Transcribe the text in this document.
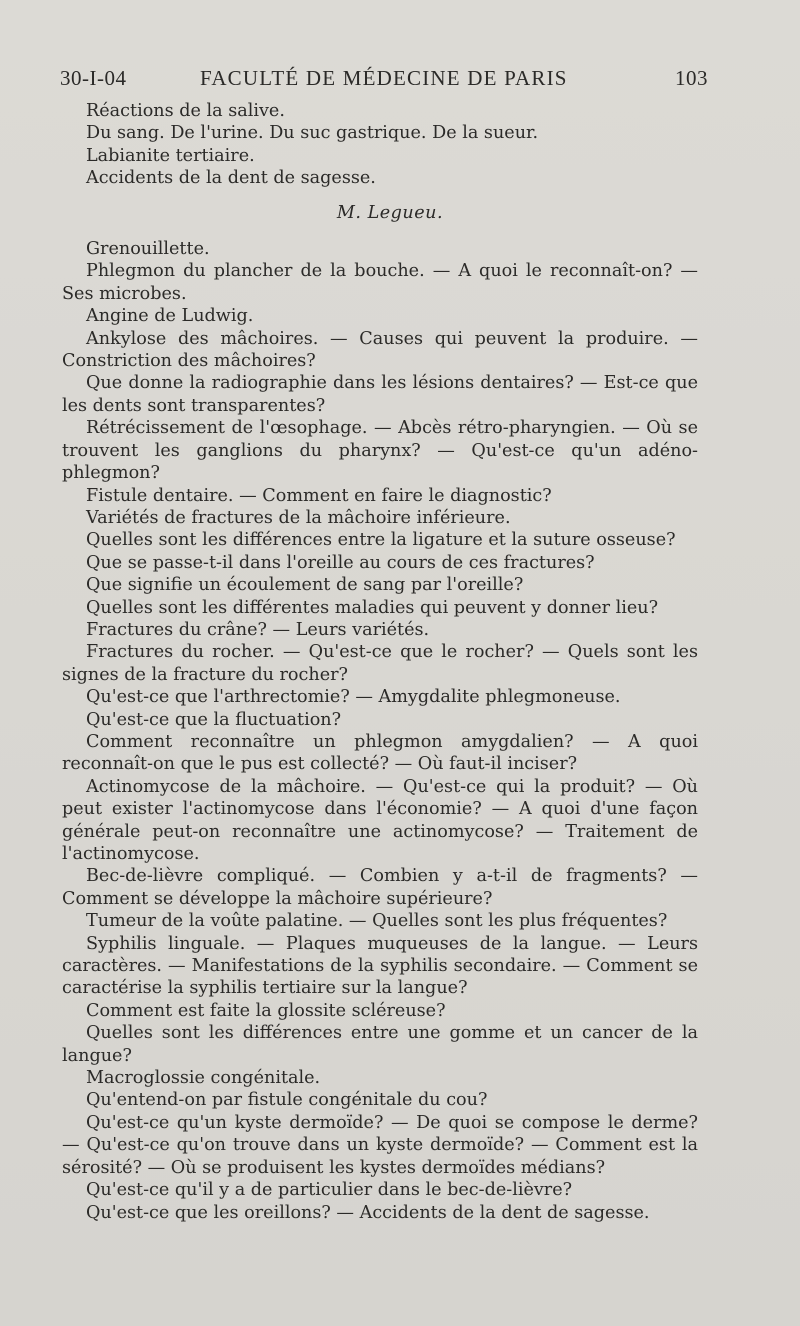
30-I-04	FACULTÉ DE MÉDECINE DE PARIS	103

Réactions de la salive.

Du sang. De l'urine. Du suc gastrique. De la sueur.

Labianite tertiaire.

Accidents de la dent de sagesse.

M. Legueu.

Grenouillette.

Phlegmon du plancher de la bouche. — A quoi le reconnaît-on? — Ses microbes.

Angine de Ludwig.

Ankylose des mâchoires. — Causes qui peuvent la produire. — Constriction des mâchoires?

Que donne la radiographie dans les lésions dentaires? — Est-ce que les dents sont transparentes?

Rétrécissement de l'œsophage. — Abcès rétro-pharyngien. — Où se trouvent les ganglions du pharynx? — Qu'est-ce qu'un adéno-phlegmon?

Fistule dentaire. — Comment en faire le diagnostic?

Variétés de fractures de la mâchoire inférieure.

Quelles sont les différences entre la ligature et la suture osseuse?

Que se passe-t-il dans l'oreille au cours de ces fractures?

Que signifie un écoulement de sang par l'oreille?

Quelles sont les différentes maladies qui peuvent y donner lieu?

Fractures du crâne? — Leurs variétés.

Fractures du rocher. — Qu'est-ce que le rocher? — Quels sont les signes de la fracture du rocher?

Qu'est-ce que l'arthrectomie? — Amygdalite phlegmoneuse.

Qu'est-ce que la fluctuation?

Comment reconnaître un phlegmon amygdalien? — A quoi reconnaît-on que le pus est collecté? — Où faut-il inciser?

Actinomycose de la mâchoire. — Qu'est-ce qui la produit? — Où peut exister l'actinomycose dans l'économie? — A quoi d'une façon générale peut-on reconnaître une actinomycose? — Traitement de l'actinomycose.

Bec-de-lièvre compliqué. — Combien y a-t-il de fragments? — Comment se développe la mâchoire supérieure?

Tumeur de la voûte palatine. — Quelles sont les plus fréquentes?

Syphilis linguale. — Plaques muqueuses de la langue. — Leurs caractères. — Manifestations de la syphilis secondaire. — Comment se caractérise la syphilis tertiaire sur la langue?

Comment est faite la glossite scléreuse?

Quelles sont les différences entre une gomme et un cancer de la langue?

Macroglossie congénitale.

Qu'entend-on par fistule congénitale du cou?

Qu'est-ce qu'un kyste dermoïde? — De quoi se compose le derme? — Qu'est-ce qu'on trouve dans un kyste dermoïde? — Comment est la sérosité? — Où se produisent les kystes dermoïdes médians?

Qu'est-ce qu'il y a de particulier dans le bec-de-lièvre?

Qu'est-ce que les oreillons? — Accidents de la dent de sagesse.
